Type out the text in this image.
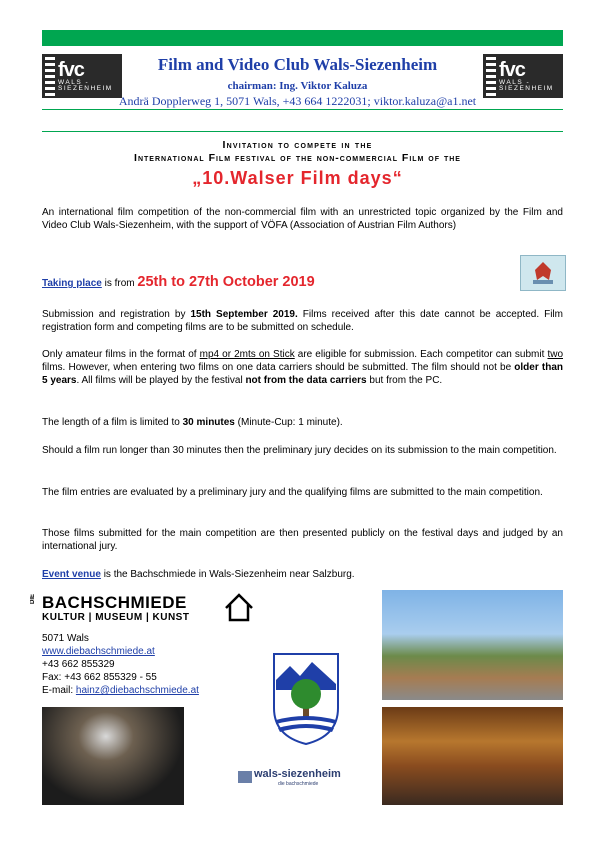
fvc
WALS -
SIEZENHEIM
fvc
WALS -
SIEZENHEIM
Film and Video Club Wals-Siezenheim
chairman: Ing. Viktor Kaluza
Andrä Dopplerweg 1, 5071 Wals, +43 664 1222031; viktor.kaluza@a1.net
Invitation to compete in the
International Film festival of the non-commercial Film of the
„10.Walser Film days“
An international film competition of the non-commercial film with an unrestricted topic organized by the Film and Video Club Wals-Siezenheim, with the support of VÖFA (Association of Austrian Film Authors)
Taking place is from 25th to 27th October 2019
Submission and registration by 15th September 2019. Films received after this date cannot be accepted. Film registration form and competing films are to be submitted on schedule.
Only amateur films in the format of mp4 or 2mts on Stick are eligible for submission. Each competitor can submit two films. However, when entering two films on one data carriers should be submitted. The film should not be older than 5 years. All films will be played by the festival not from the data carriers but from the PC.
The length of a film is limited to 30 minutes (Minute-Cup: 1 minute).
Should a film run longer than 30 minutes then the preliminary jury decides on its submission to the main competition.
The film entries are evaluated by a preliminary jury and the qualifying films are submitted to the main competition.
Those films submitted for the main competition are then presented publicly on the festival days and judged by an international jury.
Event venue is the Bachschmiede in Wals-Siezenheim near Salzburg.
DIE BACHSCHMIEDE
KULTUR | MUSEUM | KUNST
5071 Wals
www.diebachschmiede.at
+43 662 855329
Fax: +43 662 855329 - 55
E-mail: hainz@diebachschmiede.at
wals-siezenheim
die bachschmiede
